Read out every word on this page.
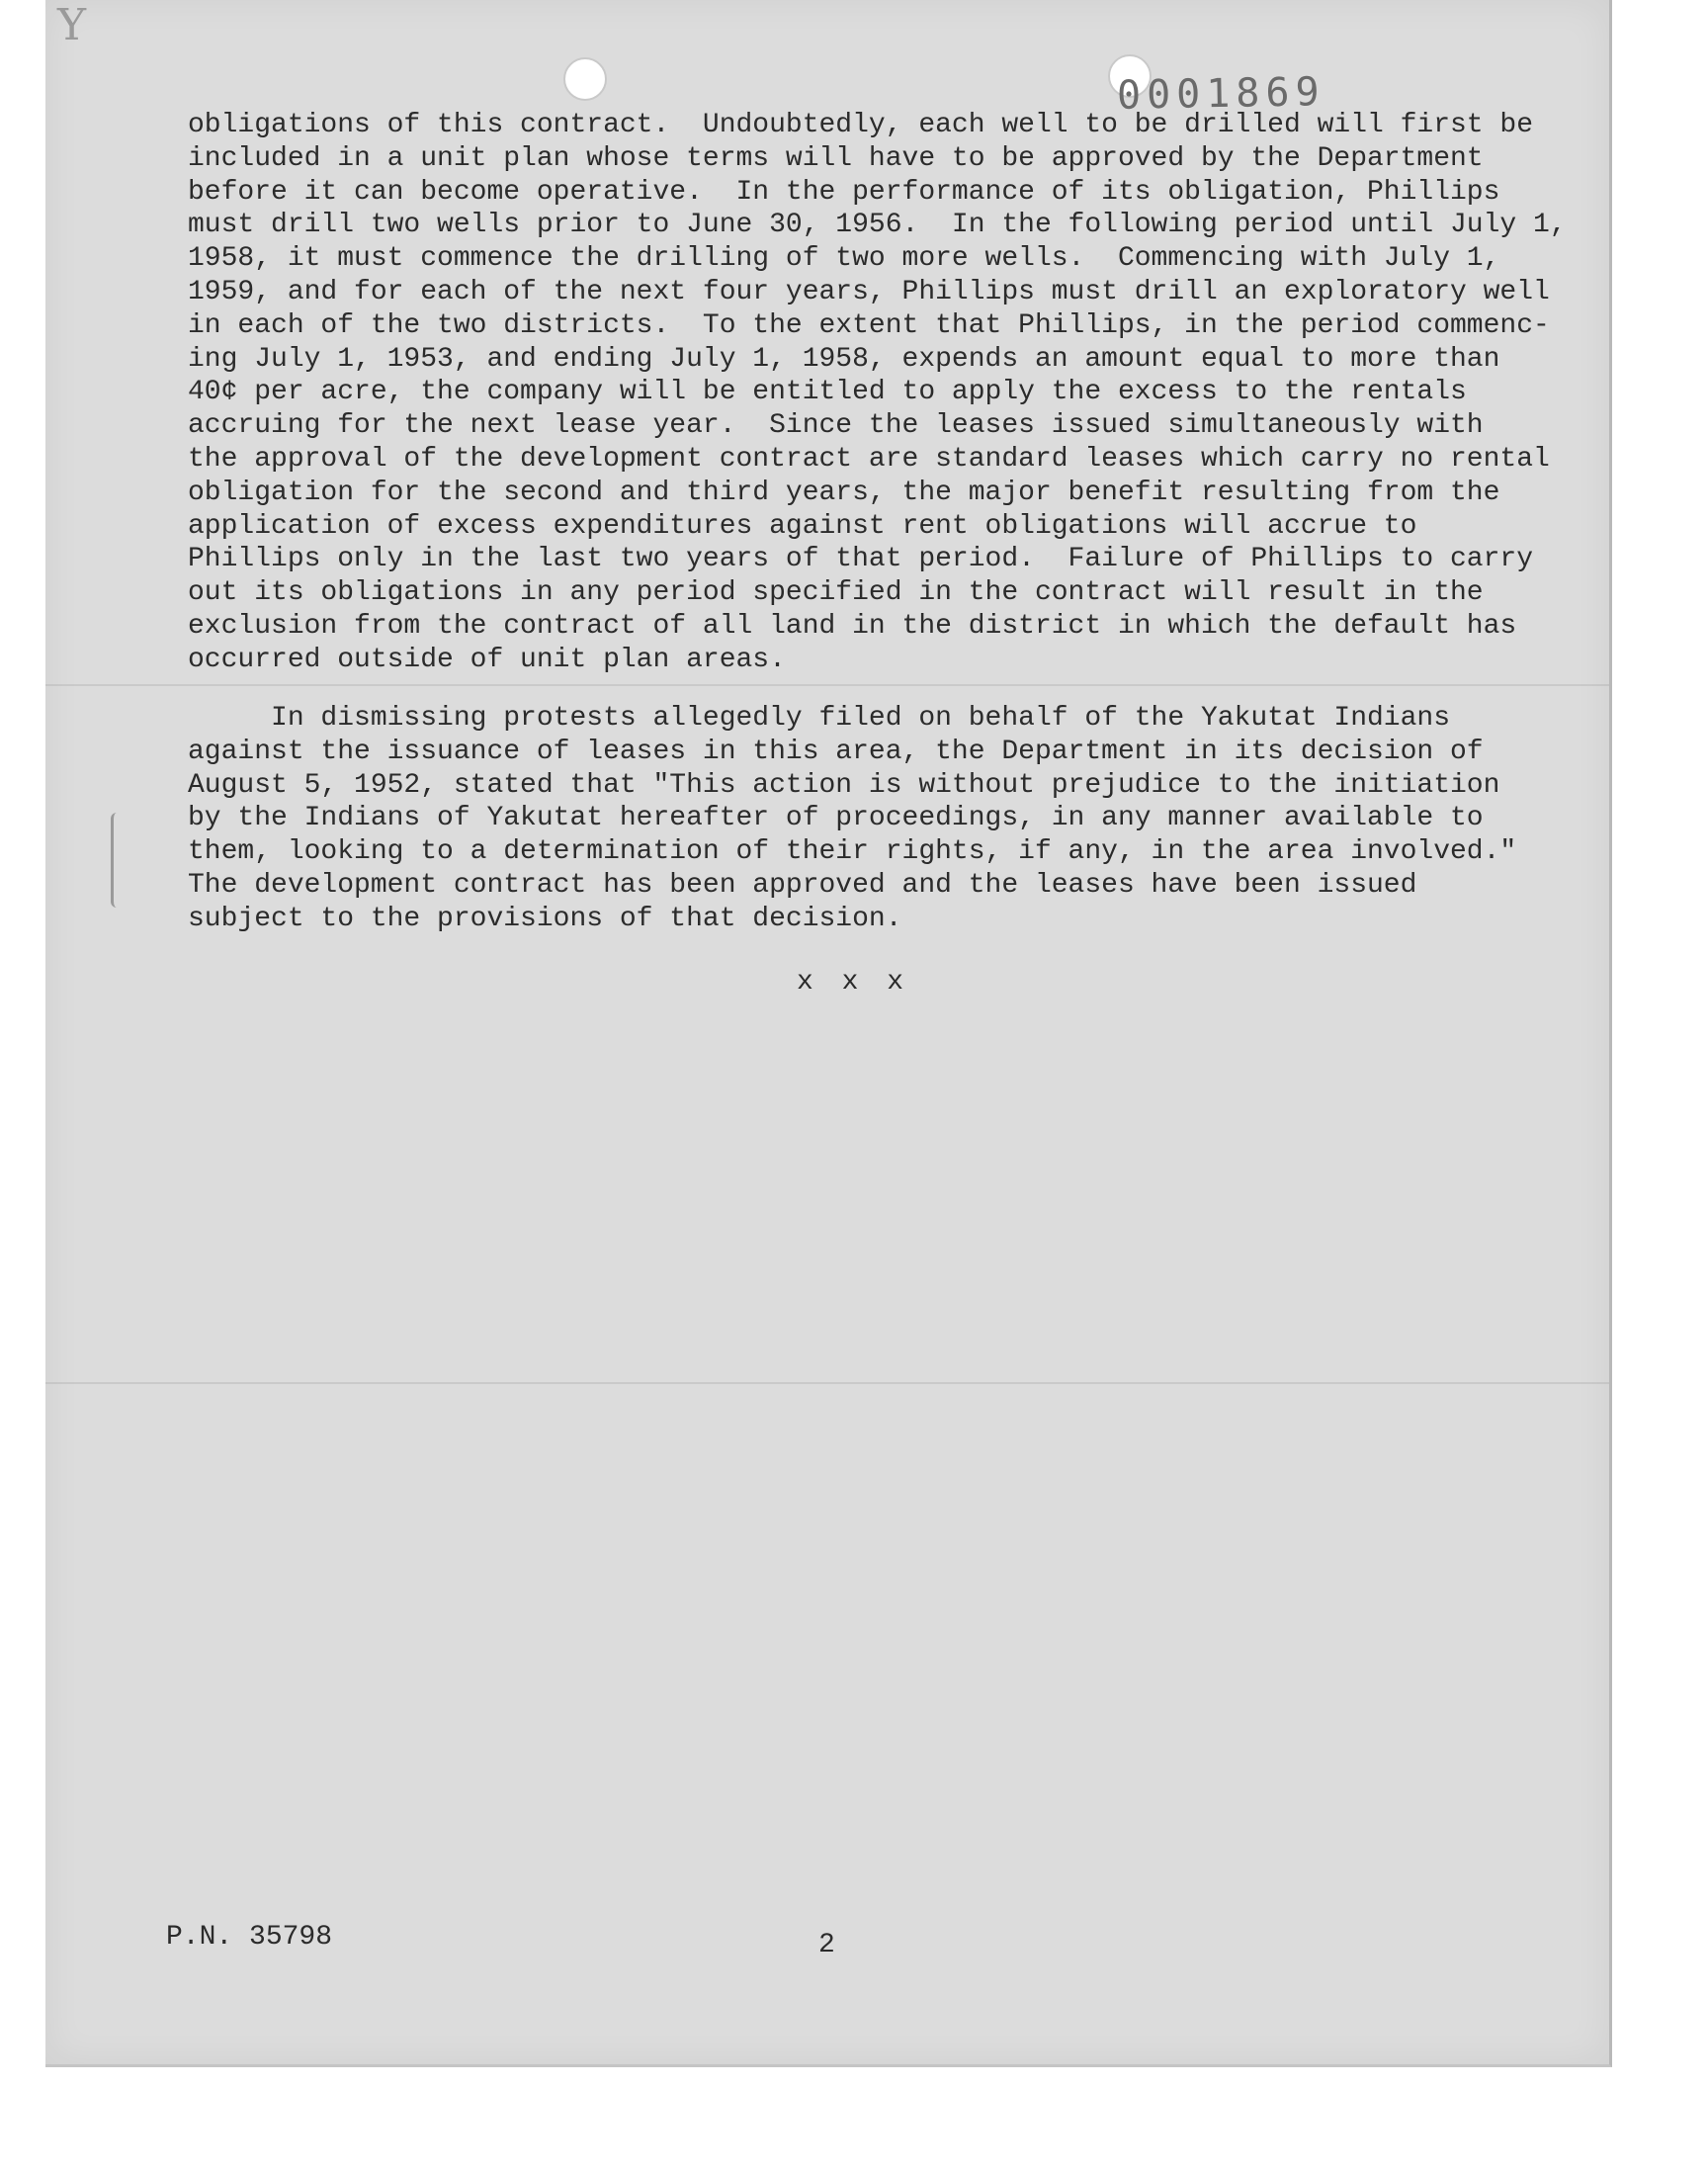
Y
0001869
obligations of this contract.  Undoubtedly, each well to be drilled will first be
included in a unit plan whose terms will have to be approved by the Department
before it can become operative.  In the performance of its obligation, Phillips
must drill two wells prior to June 30, 1956.  In the following period until July 1,
1958, it must commence the drilling of two more wells.  Commencing with July 1,
1959, and for each of the next four years, Phillips must drill an exploratory well
in each of the two districts.  To the extent that Phillips, in the period commenc-
ing July 1, 1953, and ending July 1, 1958, expends an amount equal to more than
40¢ per acre, the company will be entitled to apply the excess to the rentals
accruing for the next lease year.  Since the leases issued simultaneously with
the approval of the development contract are standard leases which carry no rental
obligation for the second and third years, the major benefit resulting from the
application of excess expenditures against rent obligations will accrue to
Phillips only in the last two years of that period.  Failure of Phillips to carry
out its obligations in any period specified in the contract will result in the
exclusion from the contract of all land in the district in which the default has
occurred outside of unit plan areas.
In dismissing protests allegedly filed on behalf of the Yakutat Indians
against the issuance of leases in this area, the Department in its decision of
August 5, 1952, stated that "This action is without prejudice to the initiation
by the Indians of Yakutat hereafter of proceedings, in any manner available to
them, looking to a determination of their rights, if any, in the area involved."
The development contract has been approved and the leases have been issued
subject to the provisions of that decision.
x x x
P.N. 35798	2
